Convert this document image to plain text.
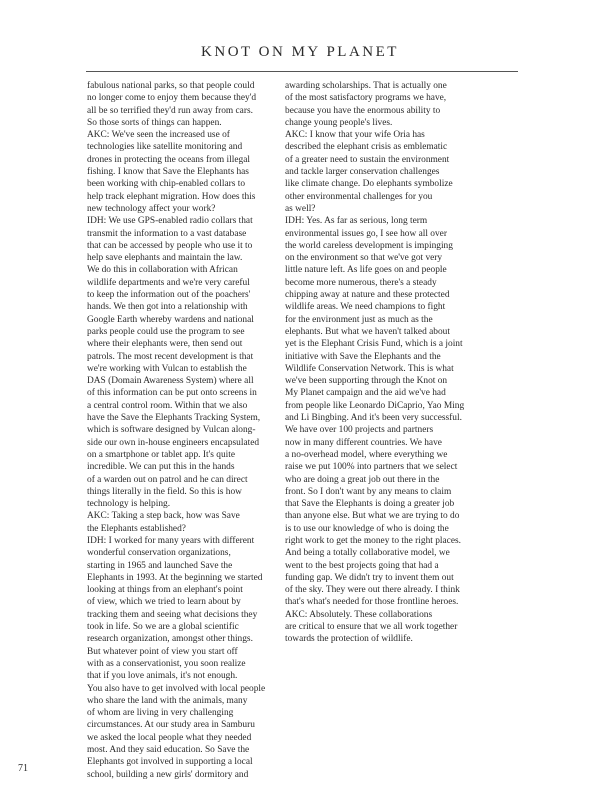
KNOT ON MY PLANET
fabulous national parks, so that people could
no longer come to enjoy them because they'd
all be so terrified they'd run away from cars.
So those sorts of things can happen.
AKC: We've seen the increased use of
technologies like satellite monitoring and
drones in protecting the oceans from illegal
fishing. I know that Save the Elephants has
been working with chip-enabled collars to
help track elephant migration. How does this
new technology affect your work?
IDH: We use GPS-enabled radio collars that
transmit the information to a vast database
that can be accessed by people who use it to
help save elephants and maintain the law.
We do this in collaboration with African
wildlife departments and we're very careful
to keep the information out of the poachers'
hands. We then got into a relationship with
Google Earth whereby wardens and national
parks people could use the program to see
where their elephants were, then send out
patrols. The most recent development is that
we're working with Vulcan to establish the
DAS (Domain Awareness System) where all
of this information can be put onto screens in
a central control room. Within that we also
have the Save the Elephants Tracking System,
which is software designed by Vulcan along-
side our own in-house engineers encapsulated
on a smartphone or tablet app. It's quite
incredible. We can put this in the hands
of a warden out on patrol and he can direct
things literally in the field. So this is how
technology is helping.
AKC: Taking a step back, how was Save
the Elephants established?
IDH: I worked for many years with different
wonderful conservation organizations,
starting in 1965 and launched Save the
Elephants in 1993. At the beginning we started
looking at things from an elephant's point
of view, which we tried to learn about by
tracking them and seeing what decisions they
took in life. So we are a global scientific
research organization, amongst other things.
But whatever point of view you start off
with as a conservationist, you soon realize
that if you love animals, it's not enough.
You also have to get involved with local people
who share the land with the animals, many
of whom are living in very challenging
circumstances. At our study area in Samburu
we asked the local people what they needed
most. And they said education. So Save the
Elephants got involved in supporting a local
school, building a new girls' dormitory and
awarding scholarships. That is actually one
of the most satisfactory programs we have,
because you have the enormous ability to
change young people's lives.
AKC: I know that your wife Oria has
described the elephant crisis as emblematic
of a greater need to sustain the environment
and tackle larger conservation challenges
like climate change. Do elephants symbolize
other environmental challenges for you
as well?
IDH: Yes. As far as serious, long term
environmental issues go, I see how all over
the world careless development is impinging
on the environment so that we've got very
little nature left. As life goes on and people
become more numerous, there's a steady
chipping away at nature and these protected
wildlife areas. We need champions to fight
for the environment just as much as the
elephants. But what we haven't talked about
yet is the Elephant Crisis Fund, which is a joint
initiative with Save the Elephants and the
Wildlife Conservation Network. This is what
we've been supporting through the Knot on
My Planet campaign and the aid we've had
from people like Leonardo DiCaprio, Yao Ming
and Li Bingbing. And it's been very successful.
We have over 100 projects and partners
now in many different countries. We have
a no-overhead model, where everything we
raise we put 100% into partners that we select
who are doing a great job out there in the
front. So I don't want by any means to claim
that Save the Elephants is doing a greater job
than anyone else. But what we are trying to do
is to use our knowledge of who is doing the
right work to get the money to the right places.
And being a totally collaborative model, we
went to the best projects going that had a
funding gap. We didn't try to invent them out
of the sky. They were out there already. I think
that's what's needed for those frontline heroes.
AKC: Absolutely. These collaborations
are critical to ensure that we all work together
towards the protection of wildlife.
71
